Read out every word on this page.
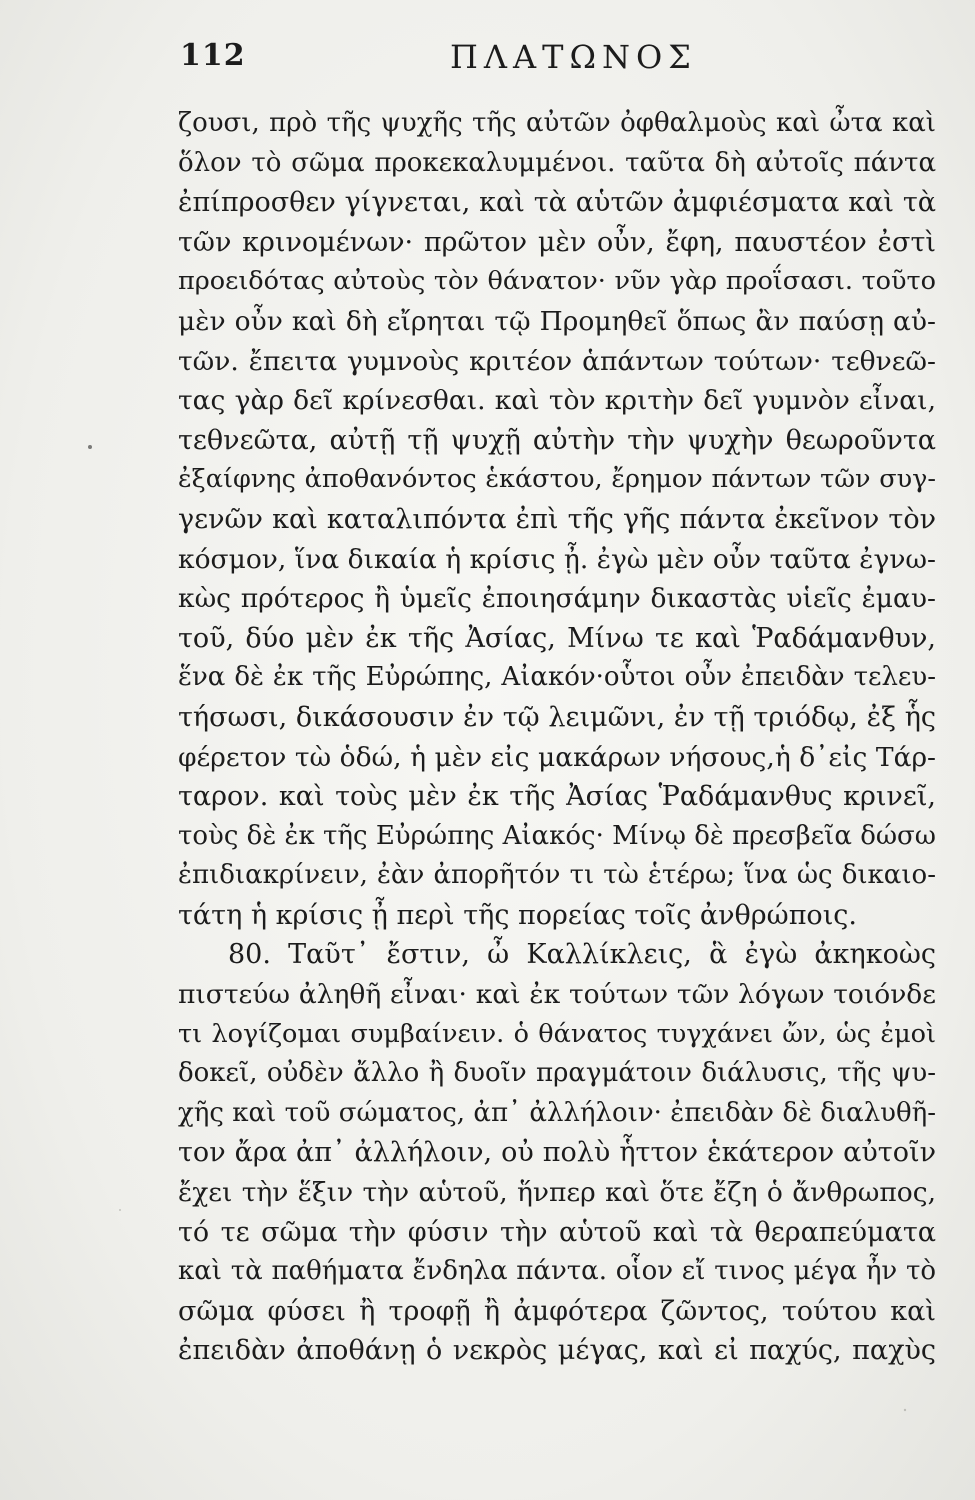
112	ΠΛΑΤΩΝΟΣ
ζουσι, πρὸ τῆς ψυχῆς τῆς αὐτῶν ὀφθαλμοὺς καὶ ὦτα καὶ
ὅλον τὸ σῶμα προκεκαλυμμένοι. ταῦτα δὴ αὐτοῖς πάντα
ἐπίπροσθεν γίγνεται, καὶ τὰ αὑτῶν ἀμφιέσματα καὶ τὰ
τῶν κρινομένων· πρῶτον μὲν οὖν, ἔφη, παυστέον ἐστὶ
προειδότας αὐτοὺς τὸν θάνατον· νῦν γὰρ προΐσασι. τοῦτο
μὲν οὖν καὶ δὴ εἴρηται τῷ Προμηθεῖ ὅπως ἂν παύσῃ αὐ-
τῶν. ἔπειτα γυμνοὺς κριτέον ἁπάντων τούτων· τεθνεῶ-
τας γὰρ δεῖ κρίνεσθαι. καὶ τὸν κριτὴν δεῖ γυμνὸν εἶναι,
τεθνεῶτα, αὐτῇ τῇ ψυχῇ αὐτὴν τὴν ψυχὴν θεωροῦντα
ἐξαίφνης ἀποθανόντος ἑκάστου, ἔρημον πάντων τῶν συγ-
γενῶν καὶ καταλιπόντα ἐπὶ τῆς γῆς πάντα ἐκεῖνον τὸν
κόσμον, ἵνα δικαία ἡ κρίσις ᾖ. ἐγὼ μὲν οὖν ταῦτα ἐγνω-
κὼς πρότερος ἢ ὑμεῖς ἐποιησάμην δικαστὰς υἱεῖς ἐμαυ-
τοῦ, δύο μὲν ἐκ τῆς Ἀσίας, Μίνω τε καὶ Ῥαδάμανθυν,
ἕνα δὲ ἐκ τῆς Εὐρώπης, Αἰακόν·οὗτοι οὖν ἐπειδὰν τελευ-
τήσωσι, δικάσουσιν ἐν τῷ λειμῶνι, ἐν τῇ τριόδῳ, ἐξ ἧς
φέρετον τὼ ὁδώ, ἡ μὲν εἰς μακάρων νήσους,ἡ δ᾽εἰς Τάρ-
ταρον. καὶ τοὺς μὲν ἐκ τῆς Ἀσίας Ῥαδάμανθυς κρινεῖ,
τοὺς δὲ ἐκ τῆς Εὐρώπης Αἰακός· Μίνῳ δὲ πρεσβεῖα δώσω
ἐπιδιακρίνειν, ἐὰν ἀπορῆτόν τι τὼ ἑτέρω; ἵνα ὡς δικαιο-
τάτη ἡ κρίσις ᾖ περὶ τῆς πορείας τοῖς ἀνθρώποις.
80. Ταῦτ᾽ ἔστιν, ὦ Καλλίκλεις, ἃ ἐγὼ ἀκηκοὼς
πιστεύω ἀληθῆ εἶναι· καὶ ἐκ τούτων τῶν λόγων τοιόνδε
τι λογίζομαι συμβαίνειν. ὁ θάνατος τυγχάνει ὤν, ὡς ἐμοὶ
δοκεῖ, οὐδὲν ἄλλο ἢ δυοῖν πραγμάτοιν διάλυσις, τῆς ψυ-
χῆς καὶ τοῦ σώματος, ἀπ᾽ ἀλλήλοιν· ἐπειδὰν δὲ διαλυθῆ-
τον ἄρα ἀπ᾽ ἀλλήλοιν, οὐ πολὺ ἧττον ἑκάτερον αὐτοῖν
ἔχει τὴν ἕξιν τὴν αὑτοῦ, ἥνπερ καὶ ὅτε ἔζη ὁ ἄνθρωπος,
τό τε σῶμα τὴν φύσιν τὴν αὑτοῦ καὶ τὰ θεραπεύματα
καὶ τὰ παθήματα ἔνδηλα πάντα. οἷον εἴ τινος μέγα ἦν τὸ
σῶμα φύσει ἢ τροφῇ ἢ ἀμφότερα ζῶντος, τούτου καὶ
ἐπειδὰν ἀποθάνῃ ὁ νεκρὸς μέγας, καὶ εἰ παχύς, παχὺς
